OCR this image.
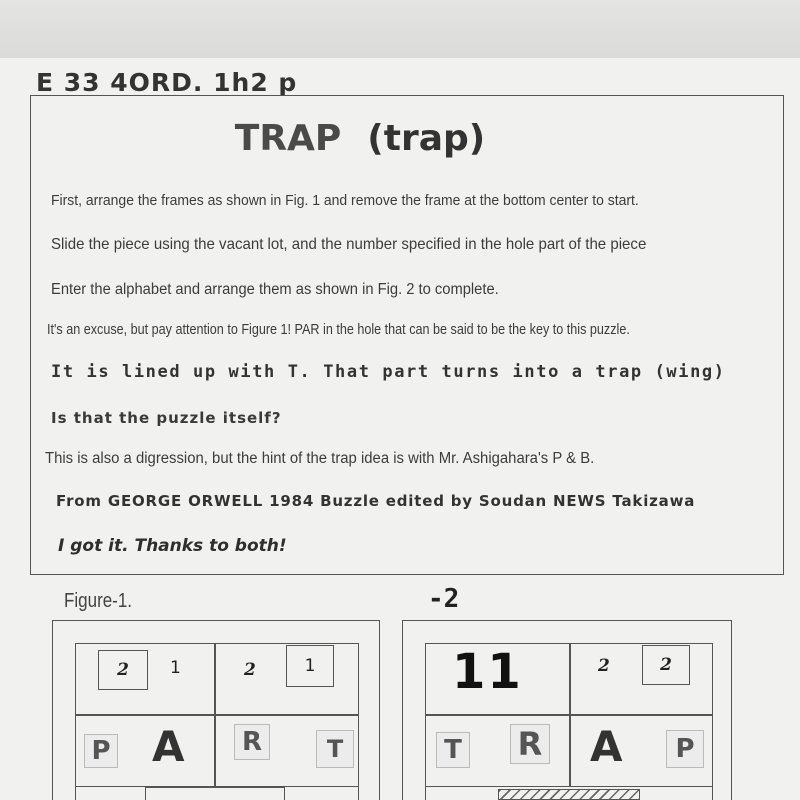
E 33 4ORD. 1h2 p
TRAP (trap)
First, arrange the frames as shown in Fig. 1 and remove the frame at the bottom center to start.
Slide the piece using the vacant lot, and the number specified in the hole part of the piece
Enter the alphabet and arrange them as shown in Fig. 2 to complete.
It's an excuse, but pay attention to Figure 1! PAR in the hole that can be said to be the key to this puzzle.
It is lined up with T. That part turns into a trap (wing)
Is that the puzzle itself?
This is also a digression, but the hint of the trap idea is with Mr. Ashigahara's P & B.
From GEORGE ORWELL 1984 Buzzle edited by Soudan NEWS Takizawa
I got it. Thanks to both!
Figure-1.
2	1	2	1
P A	R	T
-2
11	2	2
T R A	P
